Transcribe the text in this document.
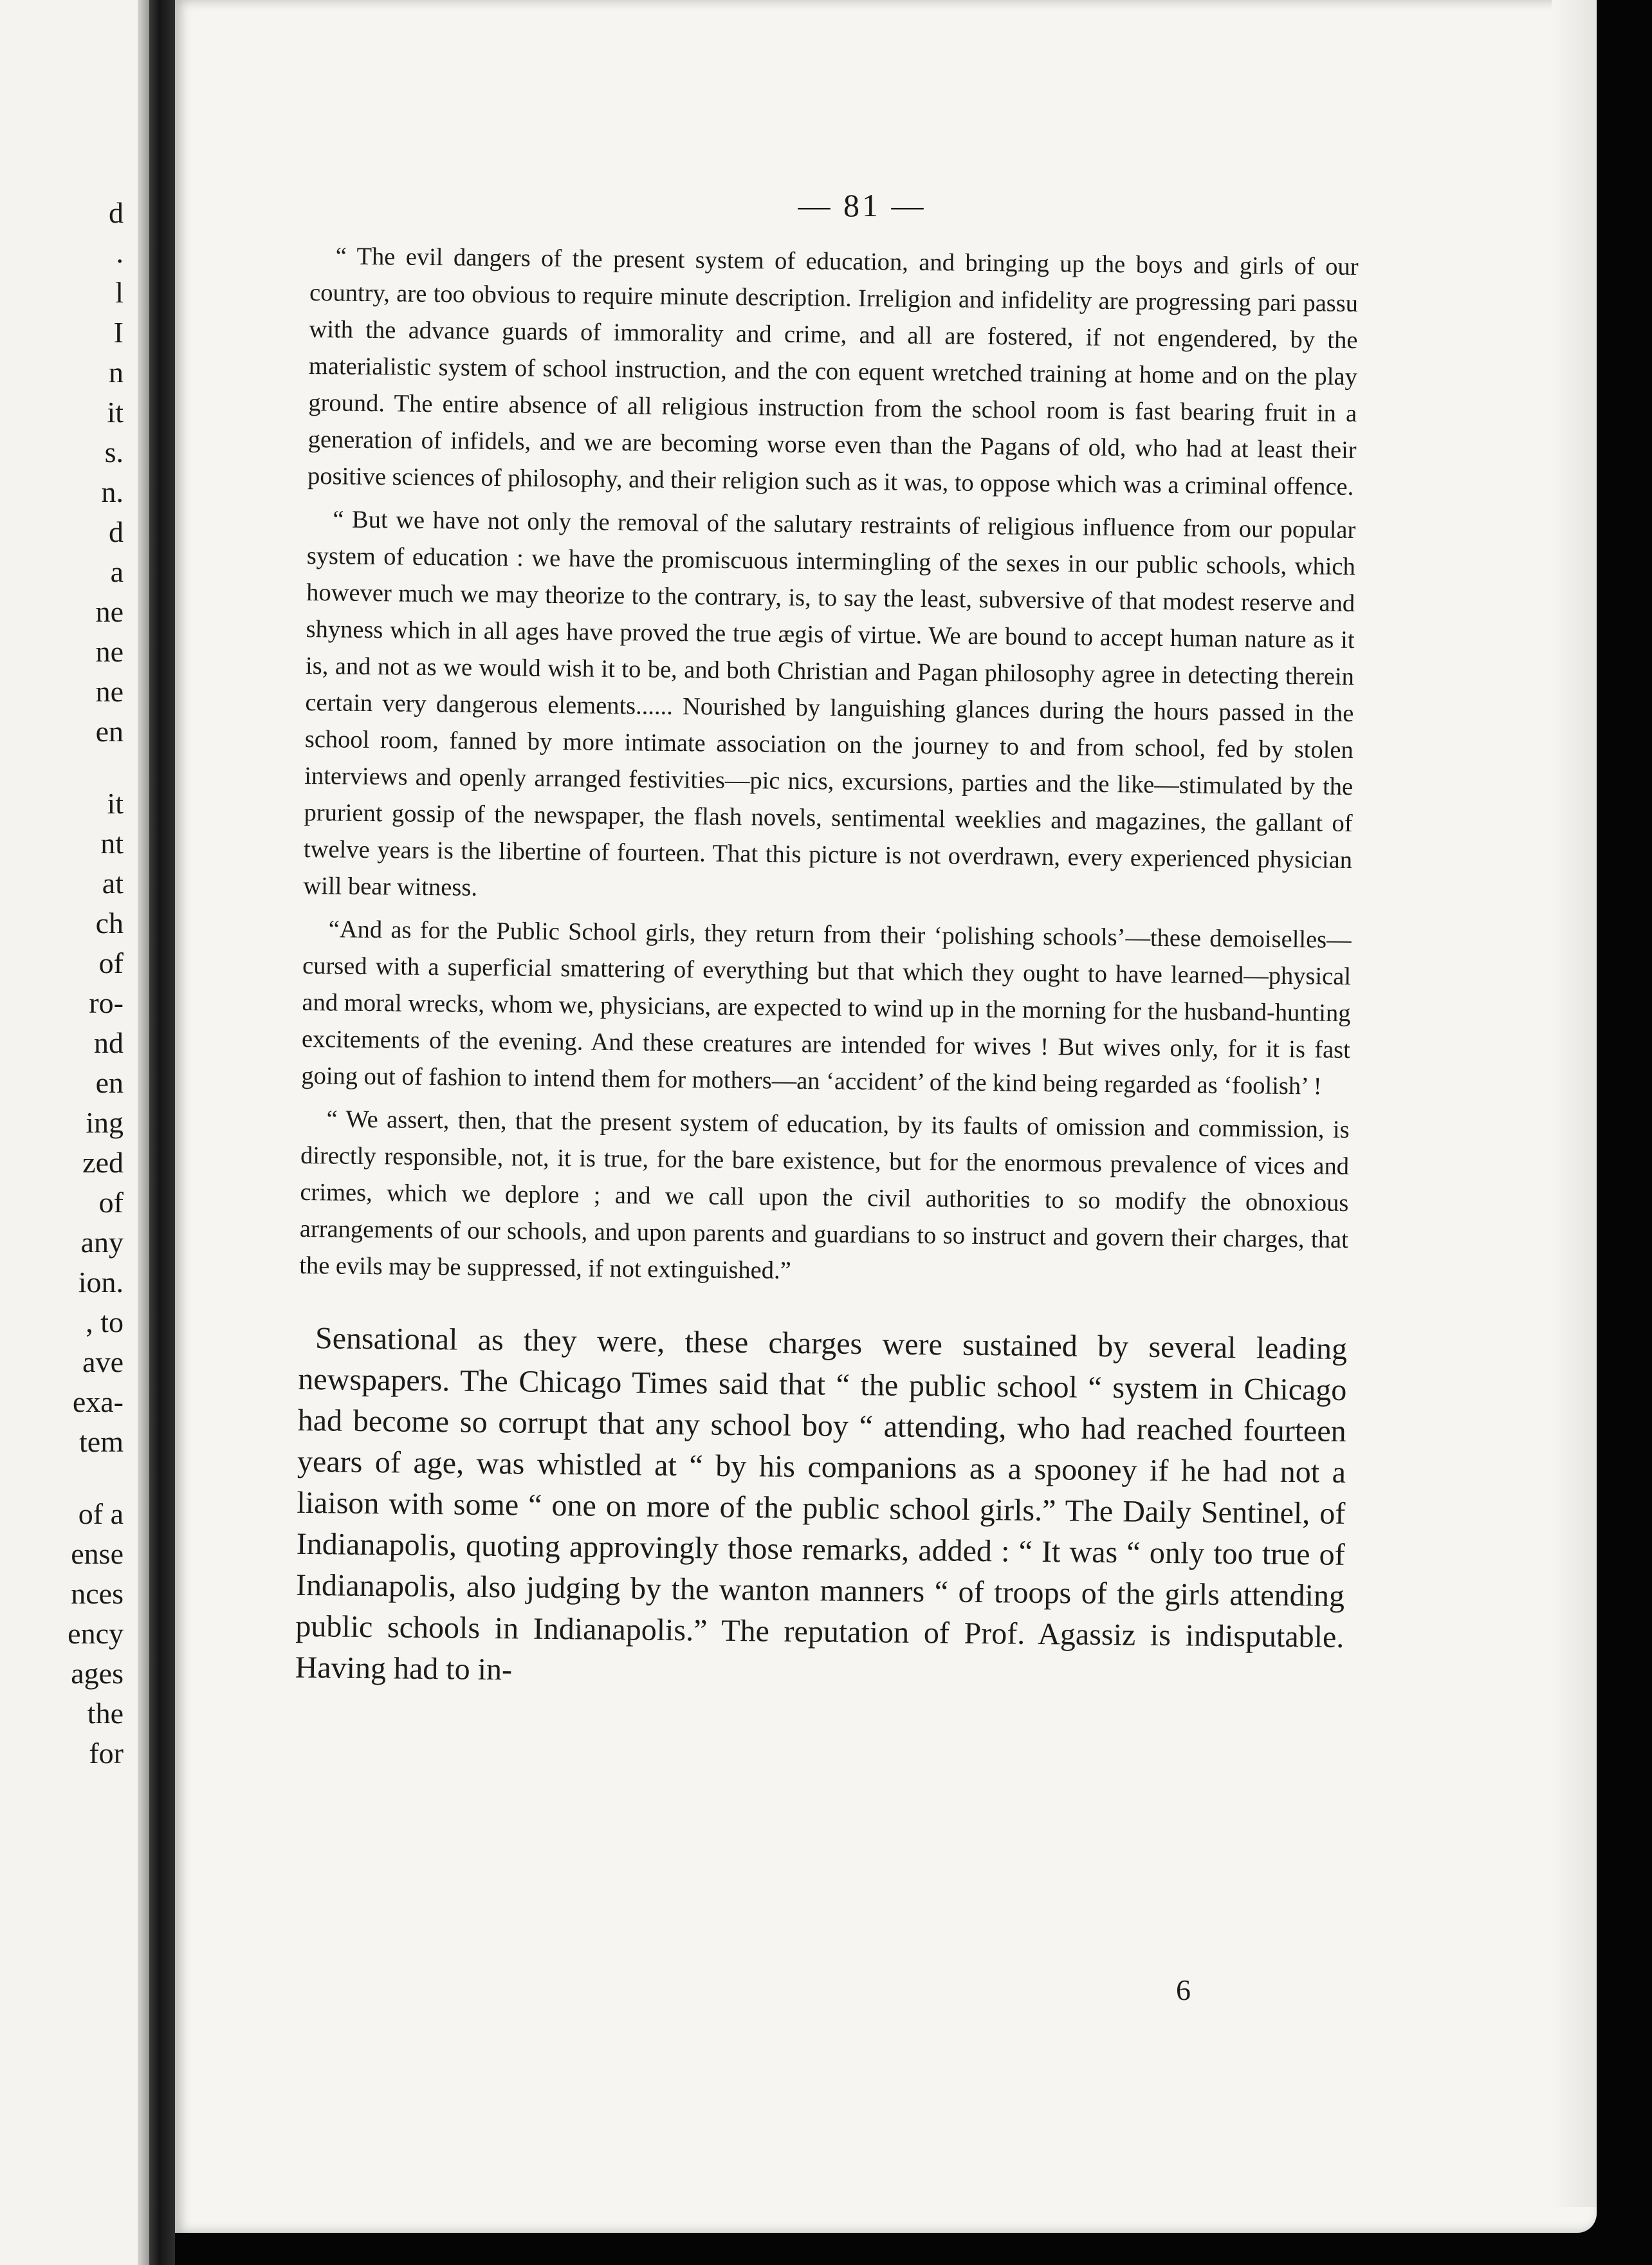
d
.
l
I
n
it
s.
n.
d
a
ne
ne
ne
en
it
nt
at
ch
of
ro-
nd
en
ing
zed
of
any
ion.
, to
ave
exa-
tem
of a
ense
nces
ency
ages
the
for
— 81 —

“ The evil dangers of the present system of education, and bringing up the boys and girls of our country, are too obvious to require minute description. Irreligion and infidelity are progressing pari passu with the advance guards of immorality and crime, and all are fostered, if not engendered, by the materialistic system of school instruction, and the con equent wretched training at home and on the play ground. The entire absence of all religious instruction from the school room is fast bearing fruit in a generation of infidels, and we are becoming worse even than the Pagans of old, who had at least their positive sciences of philosophy, and their religion such as it was, to oppose which was a criminal offence.

“ But we have not only the removal of the salutary restraints of religious influence from our popular system of education : we have the promiscuous intermingling of the sexes in our public schools, which however much we may theorize to the contrary, is, to say the least, subversive of that modest reserve and shyness which in all ages have proved the true ægis of virtue. We are bound to accept human nature as it is, and not as we would wish it to be, and both Christian and Pagan philosophy agree in detecting therein certain very dangerous elements...... Nourished by languishing glances during the hours passed in the school room, fanned by more intimate association on the journey to and from school, fed by stolen interviews and openly arranged festivities—pic nics, excursions, parties and the like—stimulated by the prurient gossip of the newspaper, the flash novels, sentimental weeklies and magazines, the gallant of twelve years is the libertine of fourteen. That this picture is not overdrawn, every experienced physician will bear witness.

“And as for the Public School girls, they return from their ‘polishing schools’—these demoiselles—cursed with a superficial smattering of everything but that which they ought to have learned—physical and moral wrecks, whom we, physicians, are expected to wind up in the morning for the husband-hunting excitements of the evening. And these creatures are intended for wives ! But wives only, for it is fast going out of fashion to intend them for mothers—an ‘accident’ of the kind being regarded as ‘foolish’ !

“ We assert, then, that the present system of education, by its faults of omission and commission, is directly responsible, not, it is true, for the bare existence, but for the enormous prevalence of vices and crimes, which we deplore ; and we call upon the civil authorities to so modify the obnoxious arrangements of our schools, and upon parents and guardians to so instruct and govern their charges, that the evils may be suppressed, if not extinguished.”

Sensational as they were, these charges were sustained by several leading newspapers. The Chicago Times said that “ the public school “ system in Chicago had become so corrupt that any school boy “ attending, who had reached fourteen years of age, was whistled at “ by his companions as a spooney if he had not a liaison with some “ one on more of the public school girls.” The Daily Sentinel, of Indianapolis, quoting approvingly those remarks, added : “ It was “ only too true of Indianapolis, also judging by the wanton manners “ of troops of the girls attending public schools in Indianapolis.” The reputation of Prof. Agassiz is indisputable. Having had to in-

6
